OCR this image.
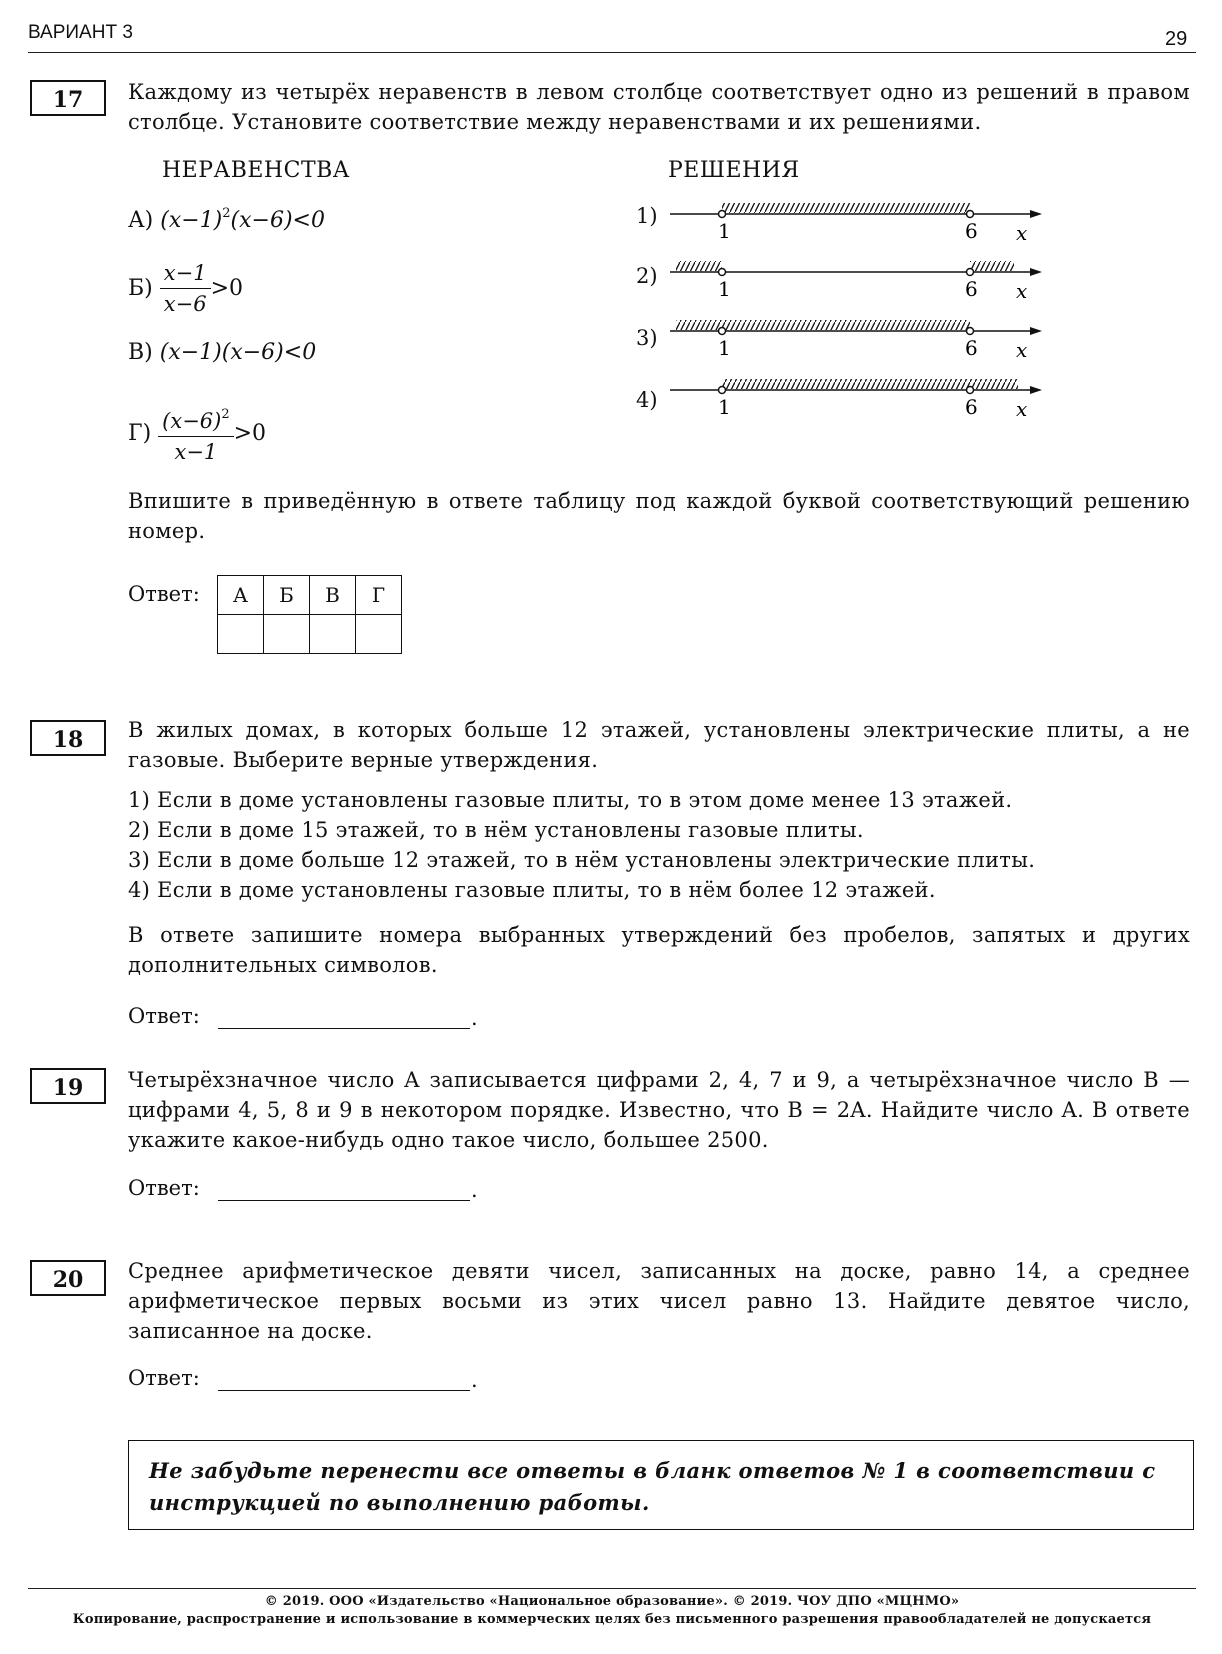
ВАРИАНТ 3	29
17	Каждому из четырёх неравенств в левом столбце соответствует одно из решений в правом столбце. Установите соответствие между неравенствами и их решениями.
НЕРАВЕНСТВА	РЕШЕНИЯ
А) $(x-1)^2(x-6)<0$
$Б) \frac{x-1}{x-6} >0$
В) (x−1)(x−6)<0
$Г) \frac{(x-6)^2}{x-1} >0$
1)
2)
3)
4)
1	6 x
1	6 x
1	6 x
1	6 x
Впишите в приведённую в ответе таблицу под каждой буквой соответствующий решению номер.
Ответ: А	Б	В	Г

18	В жилых домах, в которых больше 12 этажей, установлены электрические плиты, а не газовые. Выберите верные утверждения.
1) Если в доме установлены газовые плиты, то в этом доме менее 13 этажей.
2) Если в доме 15 этажей, то в нём установлены газовые плиты.
3) Если в доме больше 12 этажей, то в нём установлены электрические плиты.
4) Если в доме установлены газовые плиты, то в нём более 12 этажей.
В ответе запишите номера выбранных утверждений без пробелов, запятых и других дополнительных символов.
Ответ:	.
19	Четырёхзначное число A записывается цифрами 2, 4, 7 и 9, а четырёхзначное число B — цифрами 4, 5, 8 и 9 в некотором порядке. Известно, что B = 2A. Найдите число A. В ответе укажите какое-нибудь одно такое число, большее 2500.
Ответ:	.
20	Среднее арифметическое девяти чисел, записанных на доске, равно 14, а среднее арифметическое первых восьми из этих чисел равно 13. Найдите девятое число, записанное на доске.
Ответ:	.
Не забудьте перенести все ответы в бланк ответов № 1 в соответствии с инструкцией по выполнению работы.
© 2019. ООО «Издательство «Национальное образование». © 2019. ЧОУ ДПО «МЦНМО»
Копирование, распространение и использование в коммерческих целях без письменного разрешения правообладателей не допускается
